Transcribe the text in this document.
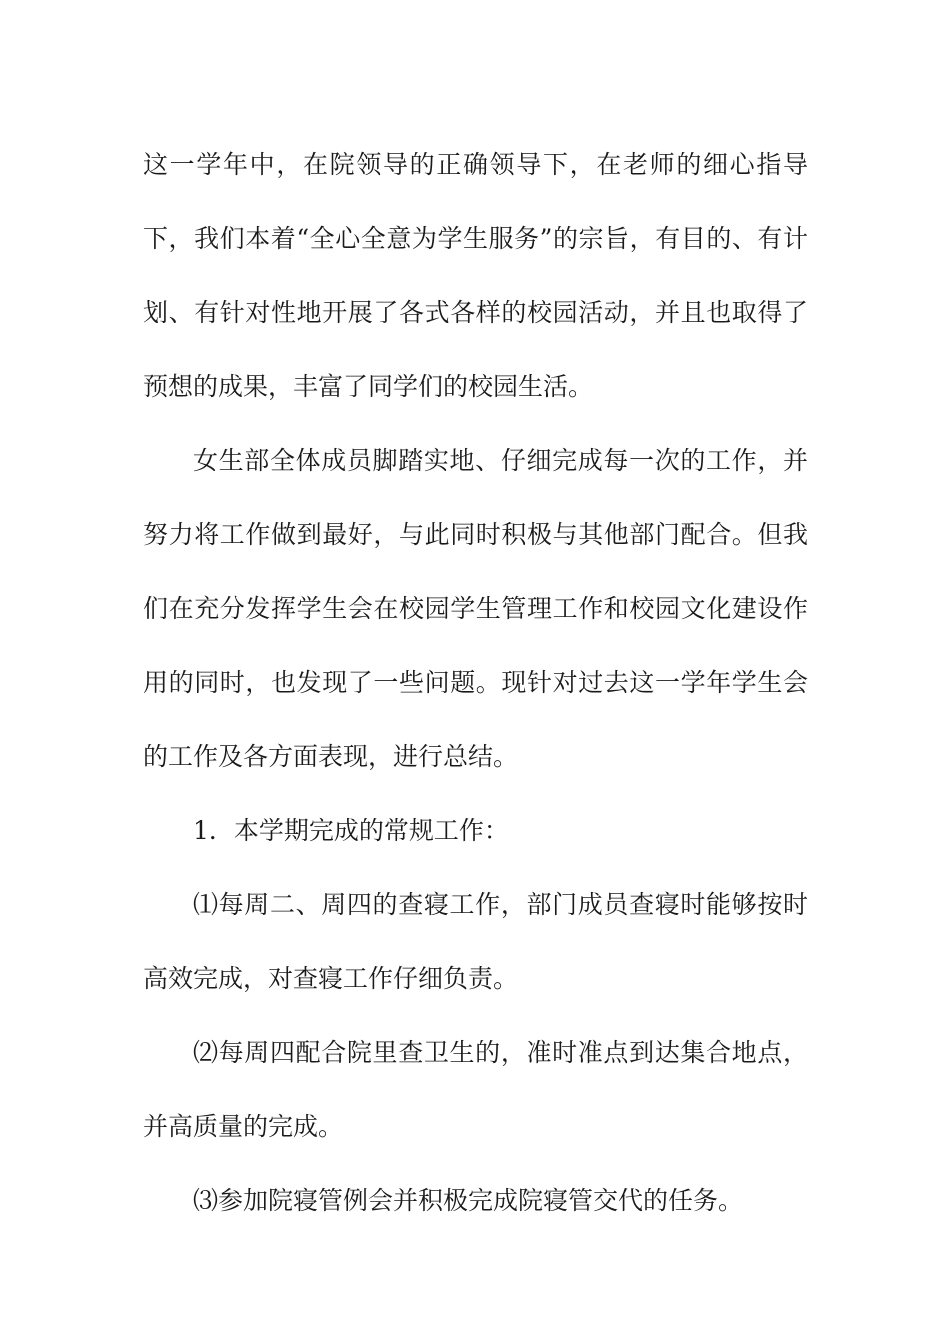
这一学年中，在院领导的正确领导下，在老师的细心指导下，我们本着“全心全意为学生服务”的宗旨，有目的、有计划、有针对性地开展了各式各样的校园活动，并且也取得了预想的成果，丰富了同学们的校园生活。

女生部全体成员脚踏实地、仔细完成每一次的工作，并努力将工作做到最好，与此同时积极与其他部门配合。但我们在充分发挥学生会在校园学生管理工作和校园文化建设作用的同时，也发现了一些问题。现针对过去这一学年学生会的工作及各方面表现，进行总结。

1．本学期完成的常规工作：

⑴每周二、周四的查寝工作，部门成员查寝时能够按时高效完成，对查寝工作仔细负责。

⑵每周四配合院里查卫生的，准时准点到达集合地点，并高质量的完成。

⑶参加院寝管例会并积极完成院寝管交代的任务。
